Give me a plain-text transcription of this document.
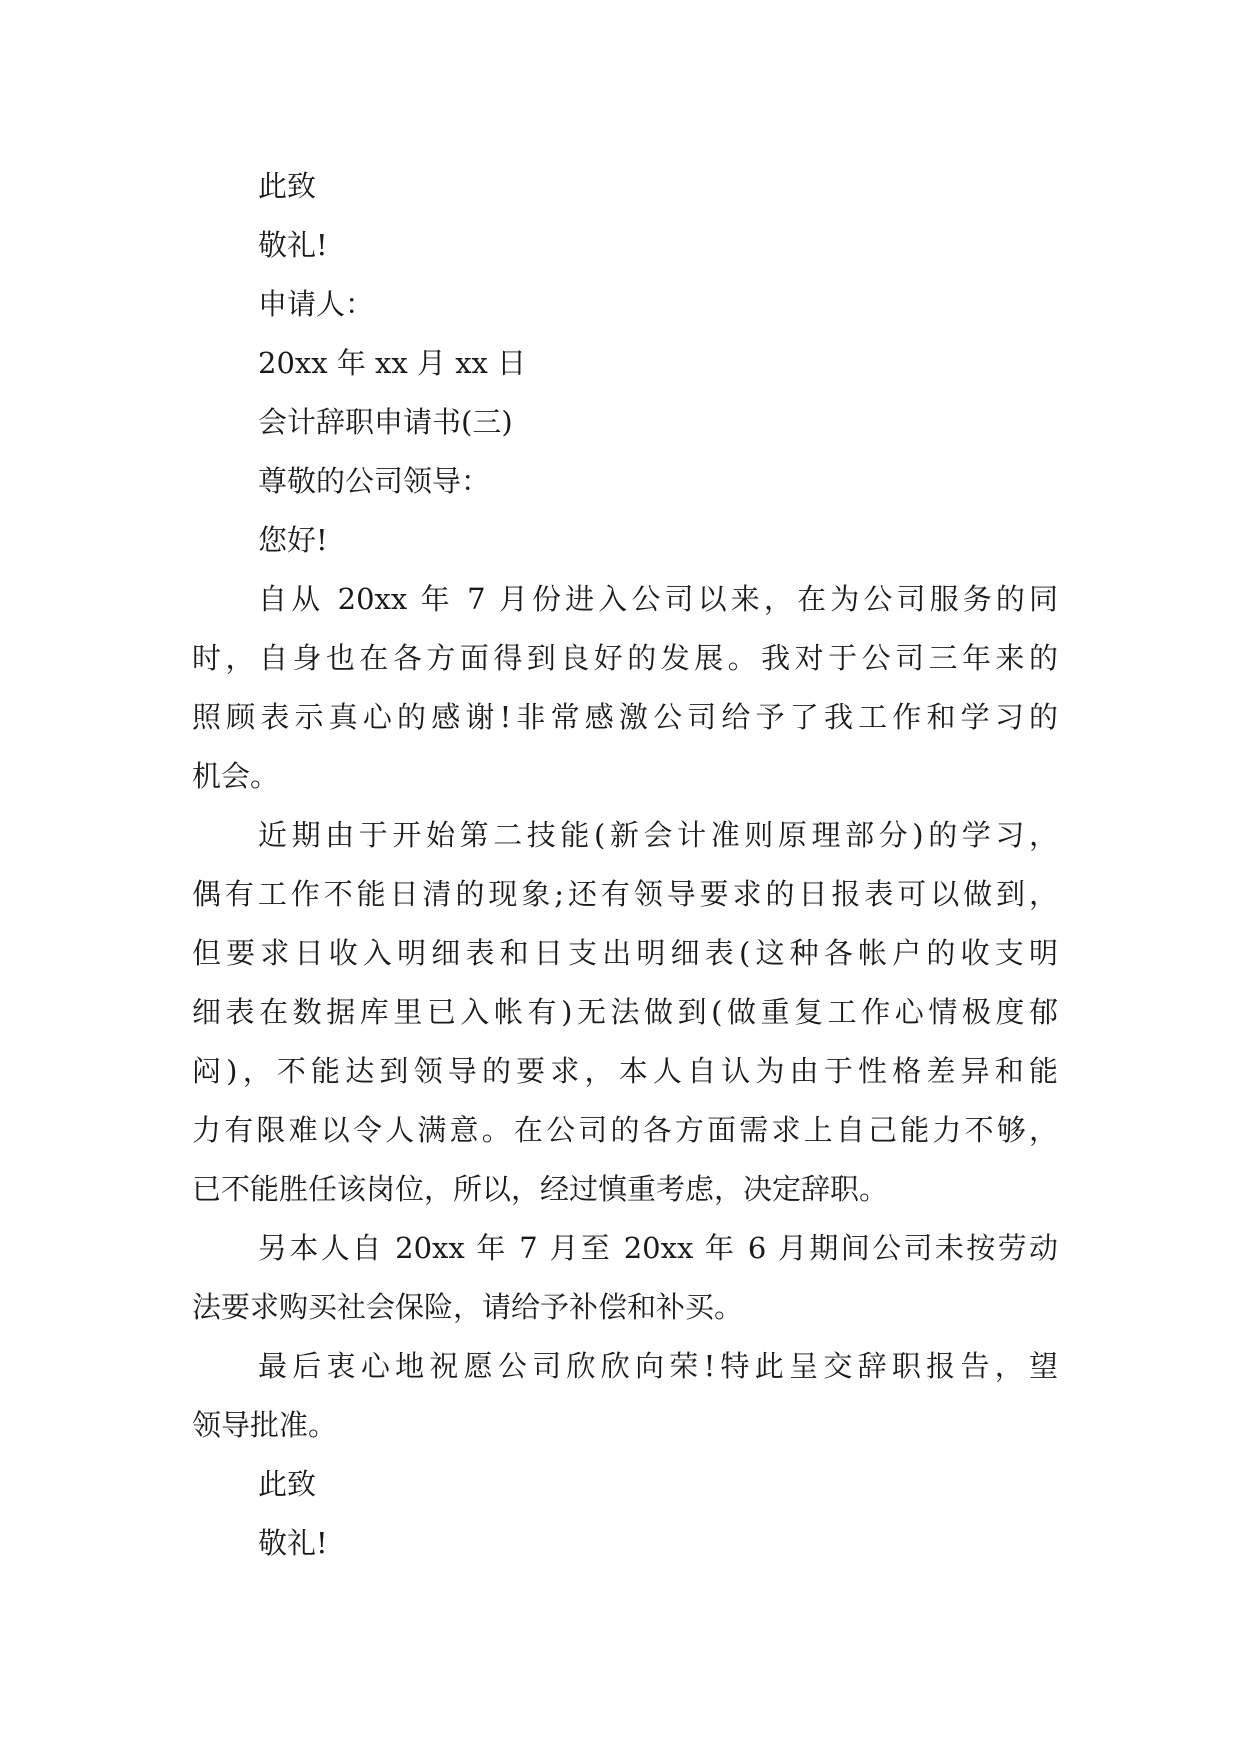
此致
敬礼!
申请人：
20xx 年 xx 月 xx 日
会计辞职申请书(三)
尊敬的公司领导：
您好!
自从 20xx 年 7 月份进入公司以来，在为公司服务的同
时，自身也在各方面得到良好的发展。我对于公司三年来的
照顾表示真心的感谢!非常感激公司给予了我工作和学习的
机会。
近期由于开始第二技能(新会计准则原理部分)的学习，
偶有工作不能日清的现象;还有领导要求的日报表可以做到，
但要求日收入明细表和日支出明细表(这种各帐户的收支明
细表在数据库里已入帐有)无法做到(做重复工作心情极度郁
闷)，不能达到领导的要求，本人自认为由于性格差异和能
力有限难以令人满意。在公司的各方面需求上自己能力不够，
已不能胜任该岗位，所以，经过慎重考虑，决定辞职。
另本人自 20xx 年 7 月至 20xx 年 6 月期间公司未按劳动
法要求购买社会保险，请给予补偿和补买。
最后衷心地祝愿公司欣欣向荣!特此呈交辞职报告，望
领导批准。
此致
敬礼!
